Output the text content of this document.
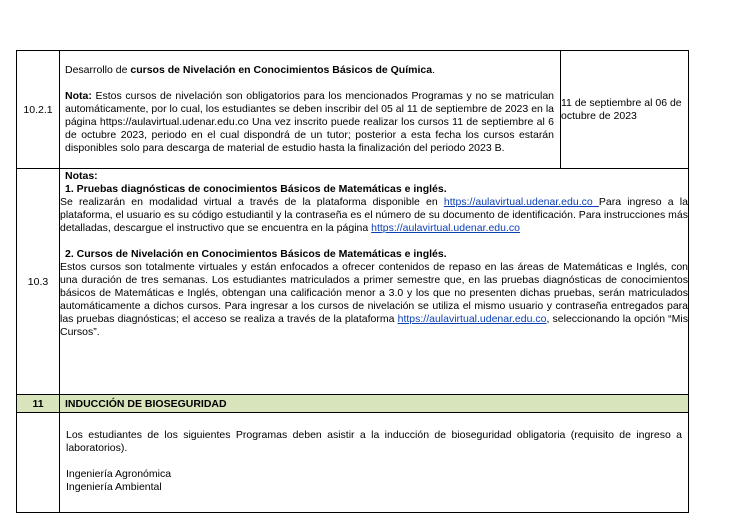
10.2.1	Desarrollo de cursos de Nivelación en Conocimientos Básicos de Química.

Nota: Estos cursos de nivelación son obligatorios para los mencionados Programas y no se matriculan automáticamente, por lo cual, los estudiantes se deben inscribir del 05 al 11 de septiembre de 2023 en la página https://aulavirtual.udenar.edu.co Una vez inscrito puede realizar los cursos 11 de septiembre al 6 de octubre 2023, periodo en el cual dispondrá de un tutor; posterior a esta fecha los cursos estarán disponibles solo para descarga de material de estudio hasta la finalización del periodo 2023 B.	11 de septiembre al 06 de octubre de 2023
10.3	Notas:

1. Pruebas diagnósticas de conocimientos Básicos de Matemáticas e inglés.

Se realizarán en modalidad virtual a través de la plataforma disponible en https://aulavirtual.udenar.edu.co Para ingreso a la plataforma, el usuario es su código estudiantil y la contraseña es el número de su documento de identificación. Para instrucciones más detalladas, descargue el instructivo que se encuentra en la página https://aulavirtual.udenar.edu.co

2. Cursos de Nivelación en Conocimientos Básicos de Matemáticas e inglés.

Estos cursos son totalmente virtuales y están enfocados a ofrecer contenidos de repaso en las áreas de Matemáticas e Inglés, con una duración de tres semanas. Los estudiantes matriculados a primer semestre que, en las pruebas diagnósticas de conocimientos básicos de Matemáticas e Inglés, obtengan una calificación menor a 3.0 y los que no presenten dichas pruebas, serán matriculados automáticamente a dichos cursos. Para ingresar a los cursos de nivelación se utiliza el mismo usuario y contraseña entregados para las pruebas diagnósticas; el acceso se realiza a través de la plataforma https://aulavirtual.udenar.edu.co, seleccionando la opción “Mis Cursos”.	

11	INDUCCIÓN DE BIOSEGURIDAD	

	Los estudiantes de los siguientes Programas deben asistir a la inducción de bioseguridad obligatoria (requisito de ingreso a laboratorios).

Ingeniería Agronómica

Ingeniería Ambiental	
